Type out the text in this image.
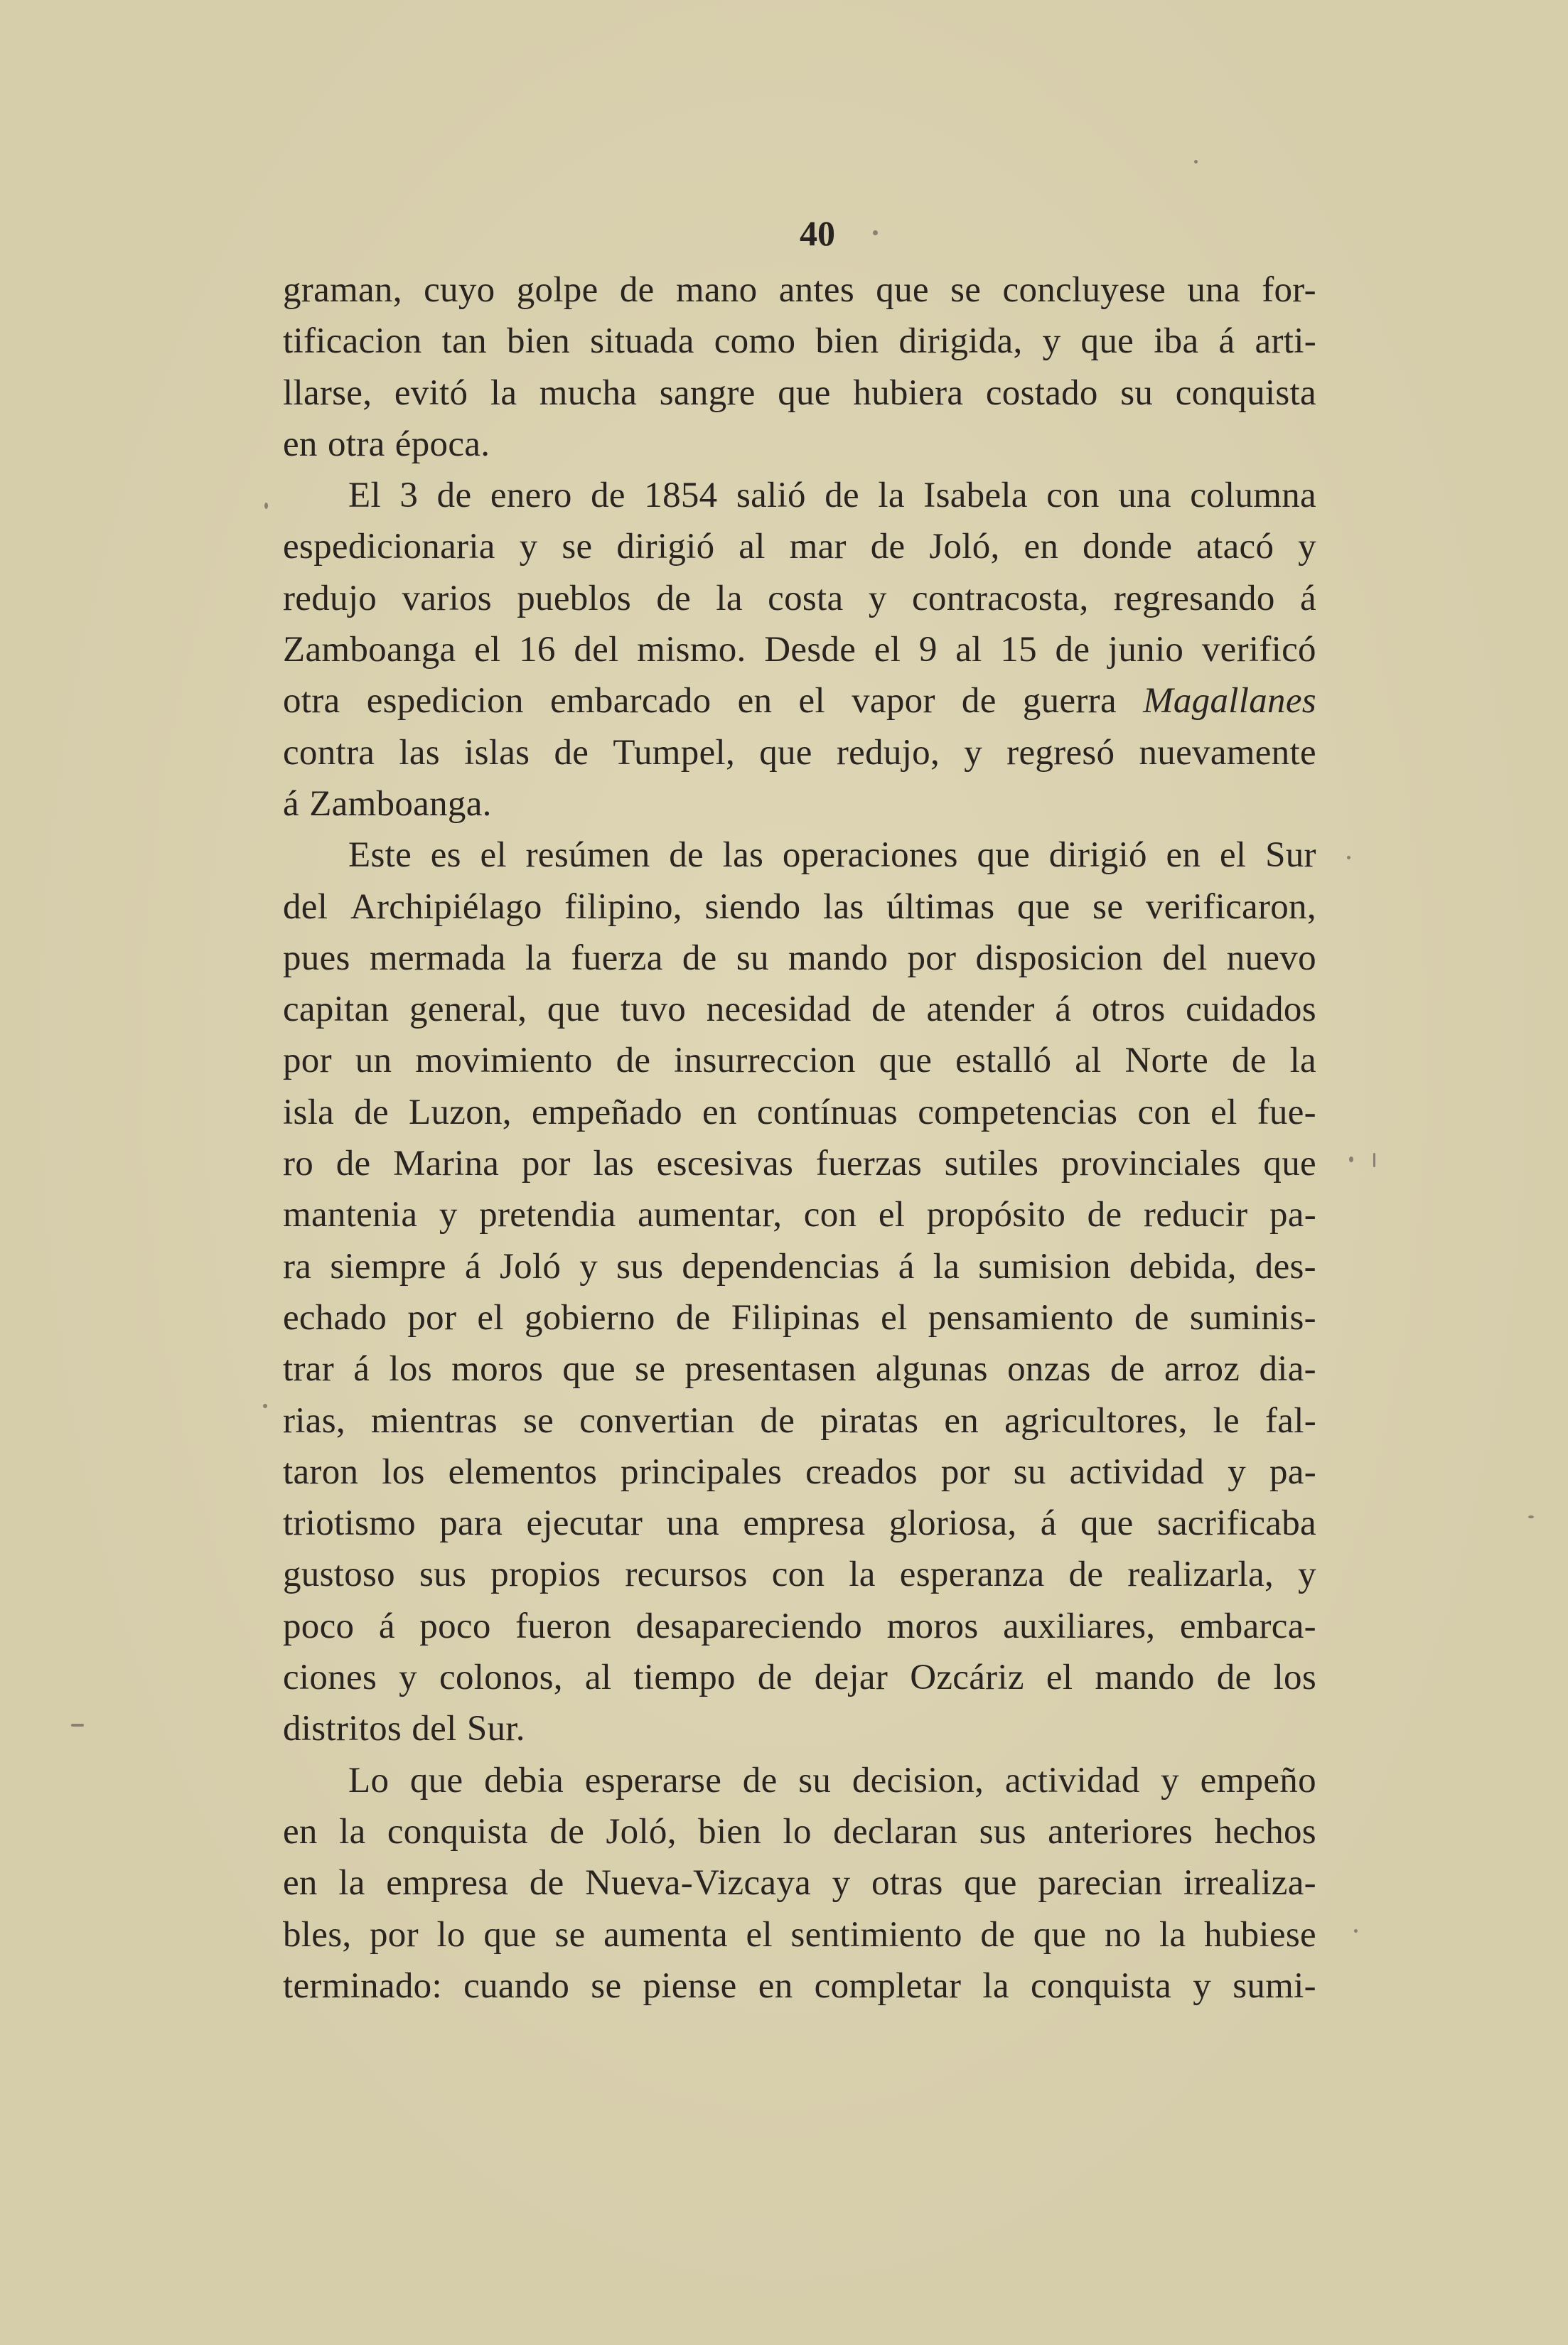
40
graman, cuyo golpe de mano antes que se concluyese una for-
tificacion tan bien situada como bien dirigida, y que iba á arti-
llarse, evitó la mucha sangre que hubiera costado su conquista
en otra época.
El 3 de enero de 1854 salió de la Isabela con una columna
espedicionaria y se dirigió al mar de Joló, en donde atacó y
redujo varios pueblos de la costa y contracosta, regresando á
Zamboanga el 16 del mismo. Desde el 9 al 15 de junio verificó
otra espedicion embarcado en el vapor de guerra Magallanes
contra las islas de Tumpel, que redujo, y regresó nuevamente
á Zamboanga.
Este es el resúmen de las operaciones que dirigió en el Sur
del Archipiélago filipino, siendo las últimas que se verificaron,
pues mermada la fuerza de su mando por disposicion del nuevo
capitan general, que tuvo necesidad de atender á otros cuidados
por un movimiento de insurreccion que estalló al Norte de la
isla de Luzon, empeñado en contínuas competencias con el fue-
ro de Marina por las escesivas fuerzas sutiles provinciales que
mantenia y pretendia aumentar, con el propósito de reducir pa-
ra siempre á Joló y sus dependencias á la sumision debida, des-
echado por el gobierno de Filipinas el pensamiento de suminis-
trar á los moros que se presentasen algunas onzas de arroz dia-
rias, mientras se convertian de piratas en agricultores, le fal-
taron los elementos principales creados por su actividad y pa-
triotismo para ejecutar una empresa gloriosa, á que sacrificaba
gustoso sus propios recursos con la esperanza de realizarla, y
poco á poco fueron desapareciendo moros auxiliares, embarca-
ciones y colonos, al tiempo de dejar Ozcáriz el mando de los
distritos del Sur.
Lo que debia esperarse de su decision, actividad y empeño
en la conquista de Joló, bien lo declaran sus anteriores hechos
en la empresa de Nueva-Vizcaya y otras que parecian irrealiza-
bles, por lo que se aumenta el sentimiento de que no la hubiese
terminado: cuando se piense en completar la conquista y sumi-
